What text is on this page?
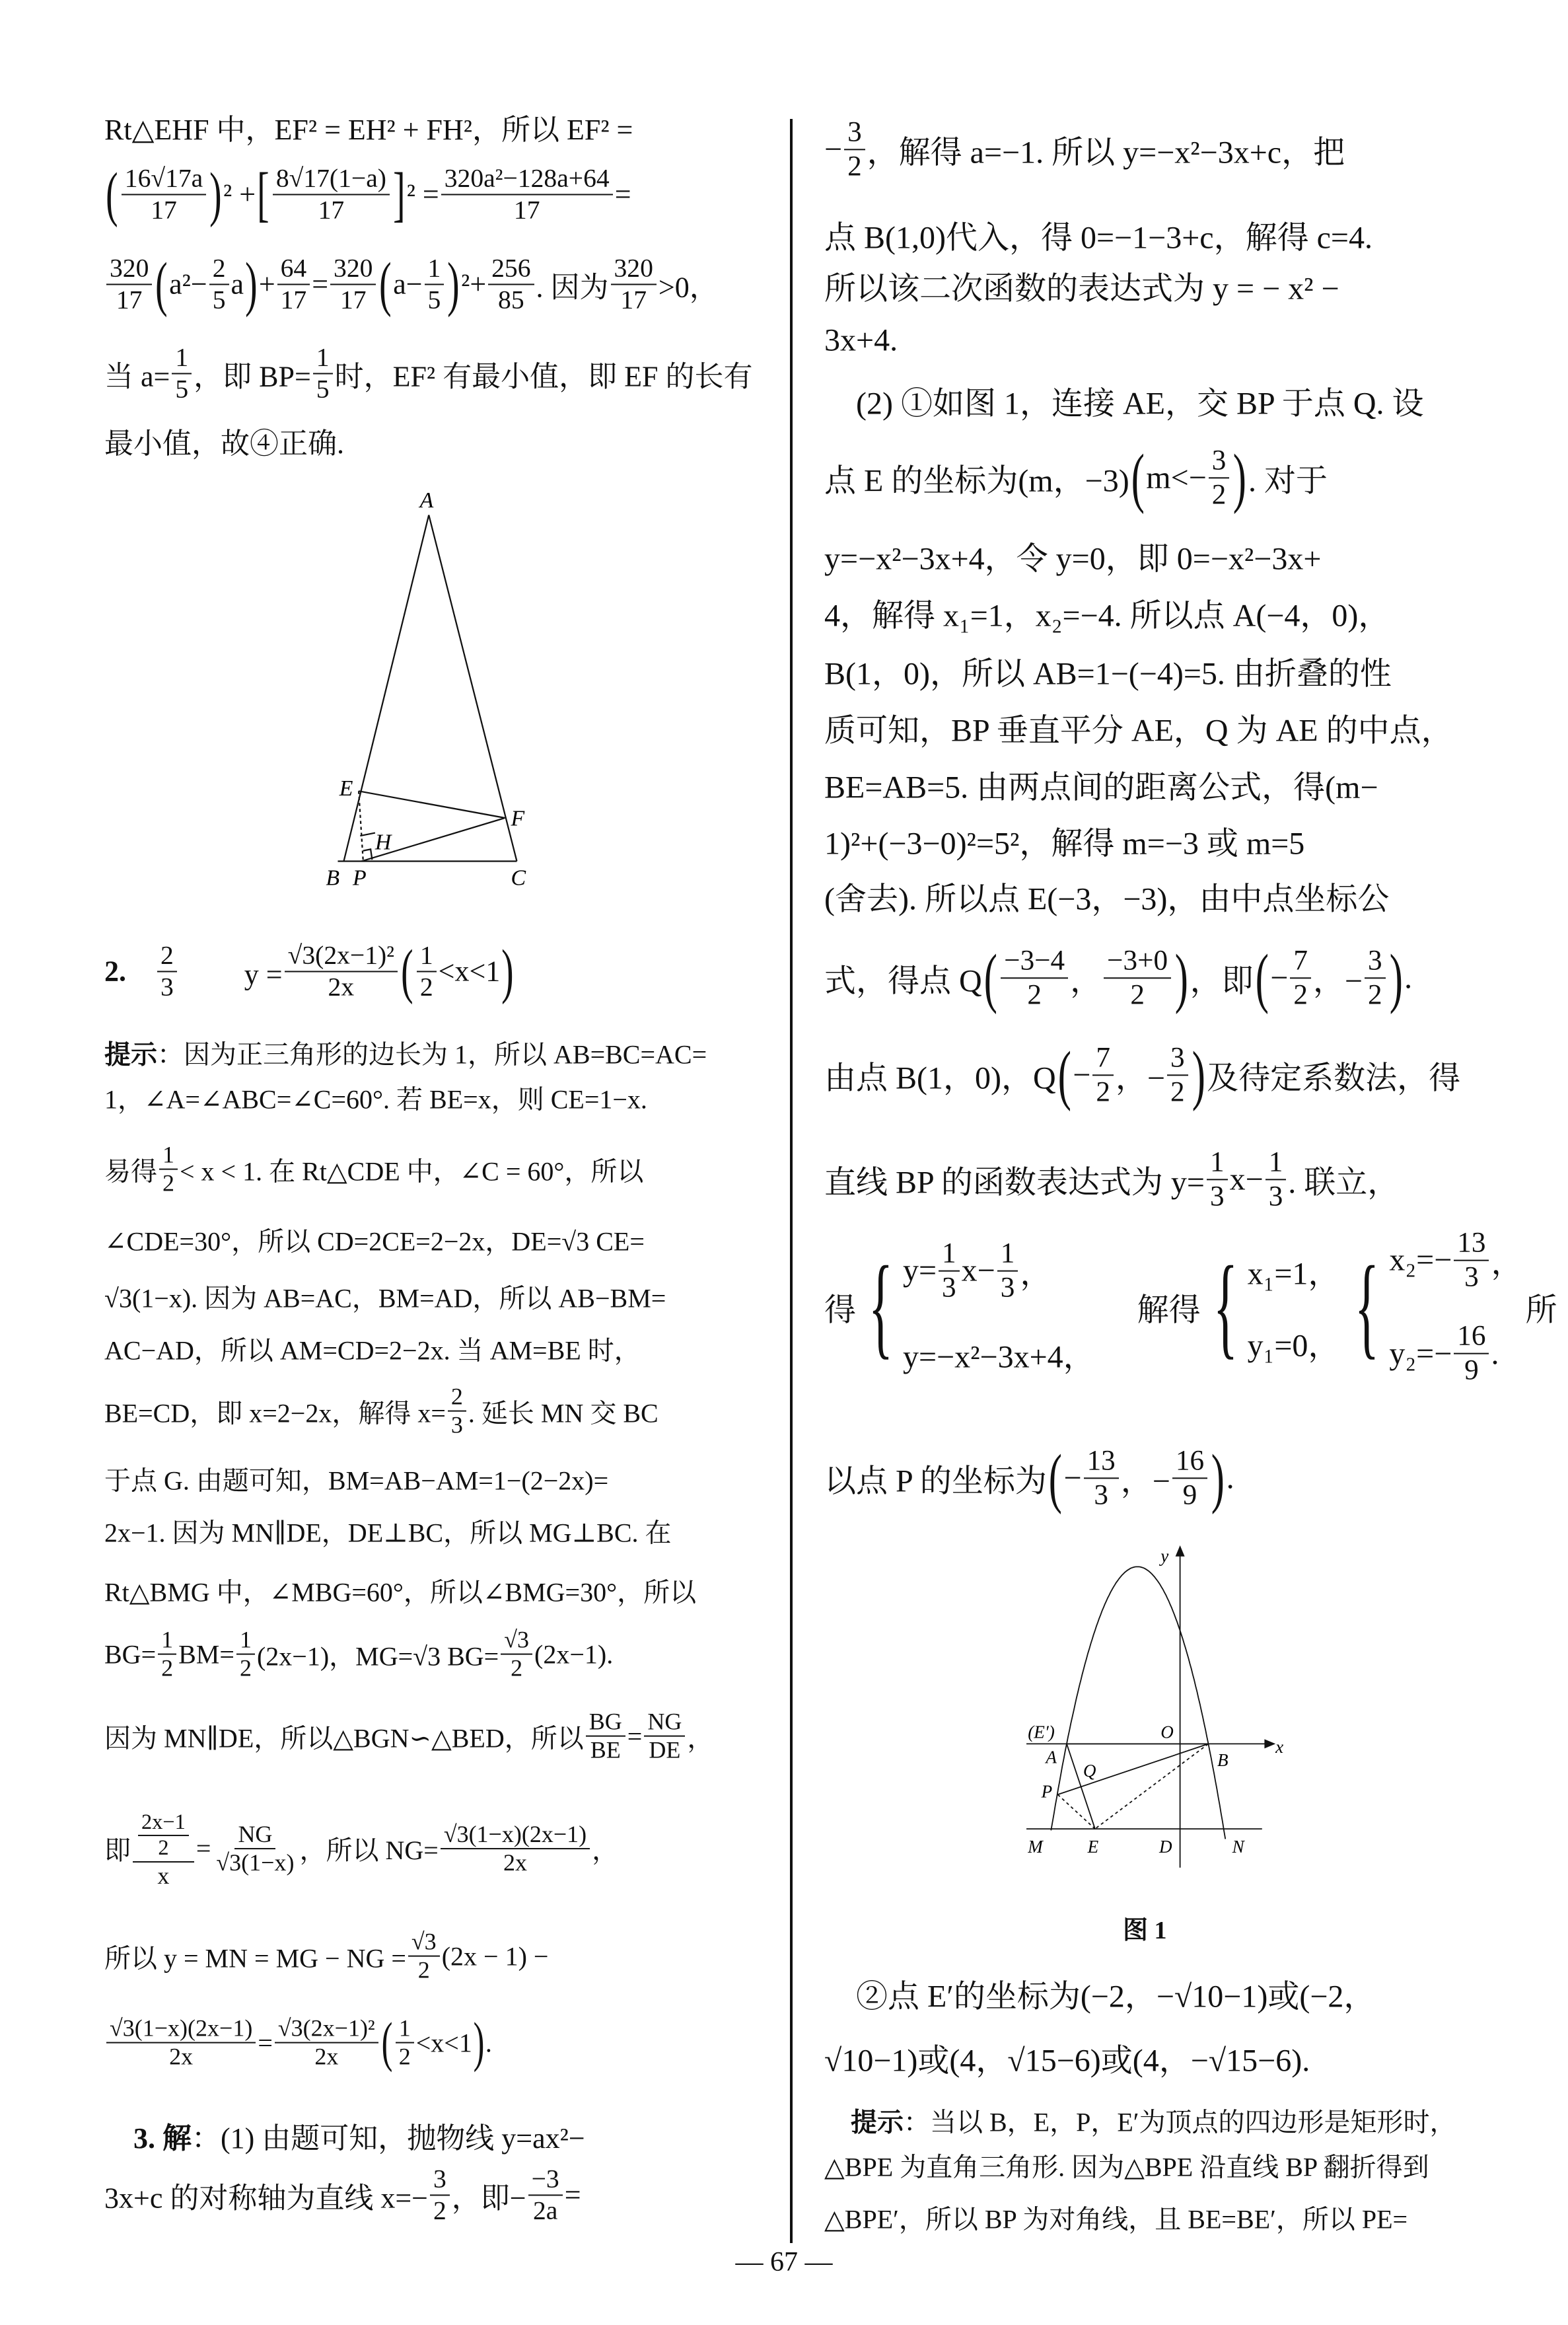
Rt△EHF 中，EF² = EH² + FH²，所以 EF² =
( $\frac{16√17a}{17}$ ) ² + [ $\frac{8√17(1-a)}{17}$ ] $^2 = \frac{\text{320a²−128a+64}}{17}$ =
$\frac{320}{17}$ ( $a^2- \frac{2}{5}$ a ) + $\frac{64}{17} = \frac{320}{17}$ ( $a- \frac{1}{5}$ ) $^2+ \frac{256}{85}$ . 因为 $\frac{320}{17} >0$，
当 $a= \frac{1}{5}$ ，即 $BP= \frac{1}{5}$ 时，EF² 有最小值，即 EF 的长有
最小值，故④正确.
2.
　 $\frac{2}{3}$ 　　 $y = \frac{\text{√3(2x−1)²}}{2x}$ ( $\frac{1}{2} <x<1$ )
提示 ：因为正三角形的边长为 1，所以 AB=BC=AC=
1，∠A=∠ABC=∠C=60°. 若 BE=x，则 CE=1−x.
易得 $\frac{1}{2} < x < 1$. 在 Rt△CDE 中，∠C = 60°，所以
∠CDE=30°，所以 CD=2CE=2−2x，DE=√3 CE=
√3(1−x). 因为 AB=AC，BM=AD，所以 AB−BM=
AC−AD，所以 AM=CD=2−2x. 当 AM=BE 时，
BE=CD，即 x=2−2x，解得 $x= \frac{2}{3}$ . 延长 MN 交 BC
于点 G. 由题可知，BM=AB−AM=1−(2−2x)=
2x−1. 因为 MN∥DE，DE⊥BC，所以 MG⊥BC. 在
Rt△BMG 中，∠MBG=60°，所以∠BMG=30°，所以
$BG= \frac{1}{2} BM= \frac{1}{2} (2x-1)$，MG=√3 $BG= \frac{√3}{2} (2x-1)$.
因为 MN∥DE，所以△BGN∽△BED，所以 $\frac{BG}{BE} = \frac{NG}{DE}$ ，
即 $\frac{\frac{2x-1}{2}}{x} = \frac{NG}{√3(1-x)}$ ，所以 $NG= \frac{√3(1-x)(2x-1)}{2x}$ ，
所以 y = MN = MG − NG = $\frac{√3}{2} (2x - 1)$ −
$\frac{√3(1-x)(2x-1)}{2x} = \frac{\text{√3(2x−1)²}}{2x}$ ( $\frac{1}{2} <x<1$ ) .

3. 解 ：(1) 由题可知，抛物线 y=ax²−
3x+c 的对称轴为直线 $x=- \frac{3}{2}$ ，即− $\frac{-3}{2a}$ =
− $\frac{3}{2}$ ，解得 a=−1. 所以 y=−x²−3x+c，把
点 B(1,0)代入，得 0=−1−3+c，解得 c=4.
所以该二次函数的表达式为 y = − x² −
3x+4.
　(2) ①如图 1，连接 AE，交 BP 于点 Q. 设
点 E 的坐标为(m，−3) ( $m<- \frac{3}{2}$ ) . 对于
y=−x²−3x+4，令 y=0，即 0=−x²−3x+
4，解得 x₁=1，x₂=−4. 所以点 A(−4，0)，
B(1，0)，所以 AB=1−(−4)=5. 由折叠的性
质可知，BP 垂直平分 AE，Q 为 AE 的中点，
BE=AB=5. 由两点间的距离公式，得(m−
1)²+(−3−0)²=5²，解得 m=−3 或 m=5
(舍去). 所以点 E(−3，−3)，由中点坐标公
式，得点 Q ( $\frac{-3-4}{2}$ ， $\frac{-3+0}{2}$ ) ，即 ( − $\frac{7}{2}$ ，− $\frac{3}{2}$ ) .
由点 B(1，0)，Q ( − $\frac{7}{2}$ ，− $\frac{3}{2}$ ) 及待定系数法，得
直线 BP 的函数表达式为 $y= \frac{1}{3} x- \frac{1}{3}$ . 联立，
得 { $y= \frac{1}{3} x- \frac{1}{3}$ ，
y=−x²−3x+4，
　 解得 { x₁=1，
y₁=0， { $x_2=- \frac{13}{3}$ ，
$y_2=- \frac{16}{9}$ .
所
以点 P 的坐标为 ( − $\frac{13}{3}$ ，− $\frac{16}{9}$ ) .
　②点 E′的坐标为(−2，−√10−1)或(−2，
√10−1)或(4，√15−6)或(4，−√15−6).

提示 ：当以 B，E，P，E′为顶点的四边形是矩形时，
△BPE 为直角三角形. 因为△BPE 沿直线 BP 翻折得到
△BPE′，所以 BP 为对角线，且 BE=BE′，所以 PE=
A
E
F
H
B P	C
y
x
O
(E′)
A
Q
B
P
M	E	D	N
图 1
— 67 —
